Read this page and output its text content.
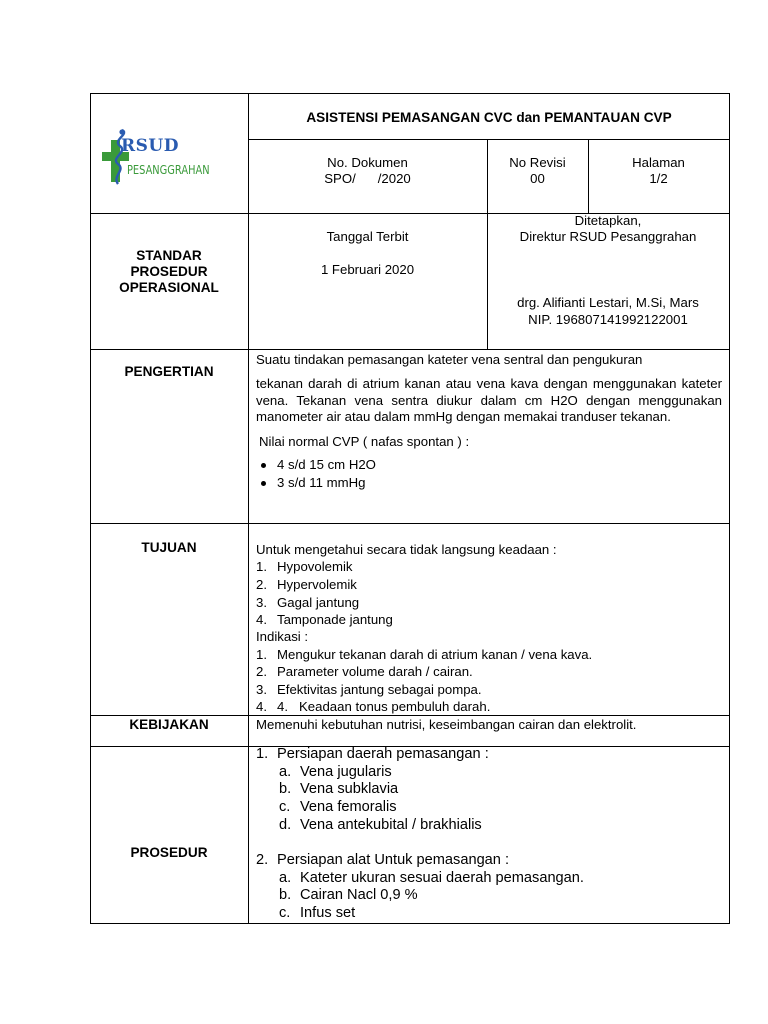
RSUD
PESANGGRAHAN
ASISTENSI PEMASANGAN CVC dan PEMANTAUAN CVP
No. Dokumen
SPO/      /2020
No Revisi
00
Halaman
1/2
STANDAR
PROSEDUR
OPERASIONAL
Tanggal Terbit
1 Februari 2020
Ditetapkan,
Direktur RSUD Pesanggrahan
drg. Alifianti Lestari, M.Si, Mars
NIP. 196807141992122001
PENGERTIAN
Suatu tindakan pemasangan kateter vena sentral dan pengukuran
tekanan darah di atrium kanan atau vena kava dengan menggunakan kateter vena. Tekanan vena sentra diukur dalam cm H2O dengan menggunakan manometer air atau dalam mmHg dengan memakai tranduser tekanan.
Nilai normal CVP ( nafas spontan ) :
4 s/d 15 cm H2O
3 s/d 11 mmHg
TUJUAN	Untuk mengetahui secara tidak langsung keadaan :
1. Hypovolemik
2. Hypervolemik
3. Gagal jantung
4. Tamponade jantung
Indikasi :
1. Mengukur tekanan darah di atrium kanan / vena kava.
2. Parameter volume darah / cairan.
3. Efektivitas jantung sebagai pompa.
4. 4.   Keadaan tonus pembuluh darah.
KEBIJAKAN	Memenuhi kebutuhan nutrisi, keseimbangan cairan dan elektrolit.
PROSEDUR
1. Persiapan daerah pemasangan :
a. Vena jugularis
b. Vena subklavia
c. Vena femoralis
d. Vena antekubital / brakhialis
2. Persiapan alat Untuk pemasangan :
a. Kateter ukuran sesuai daerah pemasangan.
b. Cairan Nacl 0,9 %
c. Infus set
